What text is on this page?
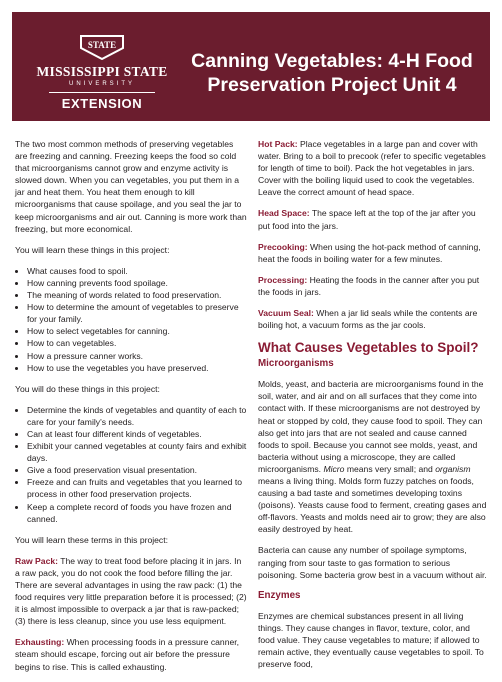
STATE
MISSISSIPPI STATE
UNIVERSITY
EXTENSION
Canning Vegetables: 4-H Food Preservation Project Unit 4

The two most common methods of preserving vegetables are freezing and canning. Freezing keeps the food so cold that microorganisms cannot grow and enzyme activity is slowed down. When you can vegetables, you put them in a jar and heat them. You heat them enough to kill microorganisms that cause spoilage, and you seal the jar to keep microorganisms and air out. Canning is more work than freezing, but more economical.

You will learn these things in this project:

• What causes food to spoil.
• How canning prevents food spoilage.
• The meaning of words related to food preservation.
• How to determine the amount of vegetables to preserve for your family.
• How to select vegetables for canning.
• How to can vegetables.
• How a pressure canner works.
• How to use the vegetables you have preserved.

You will do these things in this project:

• Determine the kinds of vegetables and quantity of each to care for your family's needs.
• Can at least four different kinds of vegetables.
• Exhibit your canned vegetables at county fairs and exhibit days.
• Give a food preservation visual presentation.
• Freeze and can fruits and vegetables that you learned to process in other food preservation projects.
• Keep a complete record of foods you have frozen and canned.

You will learn these terms in this project:

Raw Pack: The way to treat food before placing it in jars. In a raw pack, you do not cook the food before filling the jar. There are several advantages in using the raw pack: (1) the food requires very little preparation before it is processed; (2) it is almost impossible to overpack a jar that is raw-packed; (3) there is less cleanup, since you use less equipment.

Exhausting: When processing foods in a pressure canner, steam should escape, forcing out air before the pressure begins to rise. This is called exhausting.

Hot Pack: Place vegetables in a large pan and cover with water. Bring to a boil to precook (refer to specific vegetables for length of time to boil). Pack the hot vegetables in jars. Cover with the boiling liquid used to cook the vegetables. Leave the correct amount of head space.

Head Space: The space left at the top of the jar after you put food into the jars.

Precooking: When using the hot-pack method of canning, heat the foods in boiling water for a few minutes.

Processing: Heating the foods in the canner after you put the foods in jars.

Vacuum Seal: When a jar lid seals while the contents are boiling hot, a vacuum forms as the jar cools.

What Causes Vegetables to Spoil?
Microorganisms

Molds, yeast, and bacteria are microorganisms found in the soil, water, and air and on all surfaces that they come into contact with. If these microorganisms are not destroyed by heat or stopped by cold, they cause food to spoil. They can also get into jars that are not sealed and cause canned foods to spoil. Because you cannot see molds, yeast, and bacteria without using a microscope, they are called microorganisms. Micro means very small; and organism means a living thing. Molds form fuzzy patches on foods, causing a bad taste and sometimes developing toxins (poisons). Yeasts cause food to ferment, creating gases and off-flavors. Yeasts and molds need air to grow; they are also easily destroyed by heat.

Bacteria can cause any number of spoilage symptoms, ranging from sour taste to gas formation to serious poisoning. Some bacteria grow best in a vacuum without air.

Enzymes

Enzymes are chemical substances present in all living things. They cause changes in flavor, texture, color, and food value. They cause vegetables to mature; if allowed to remain active, they eventually cause vegetables to spoil. To preserve food,
